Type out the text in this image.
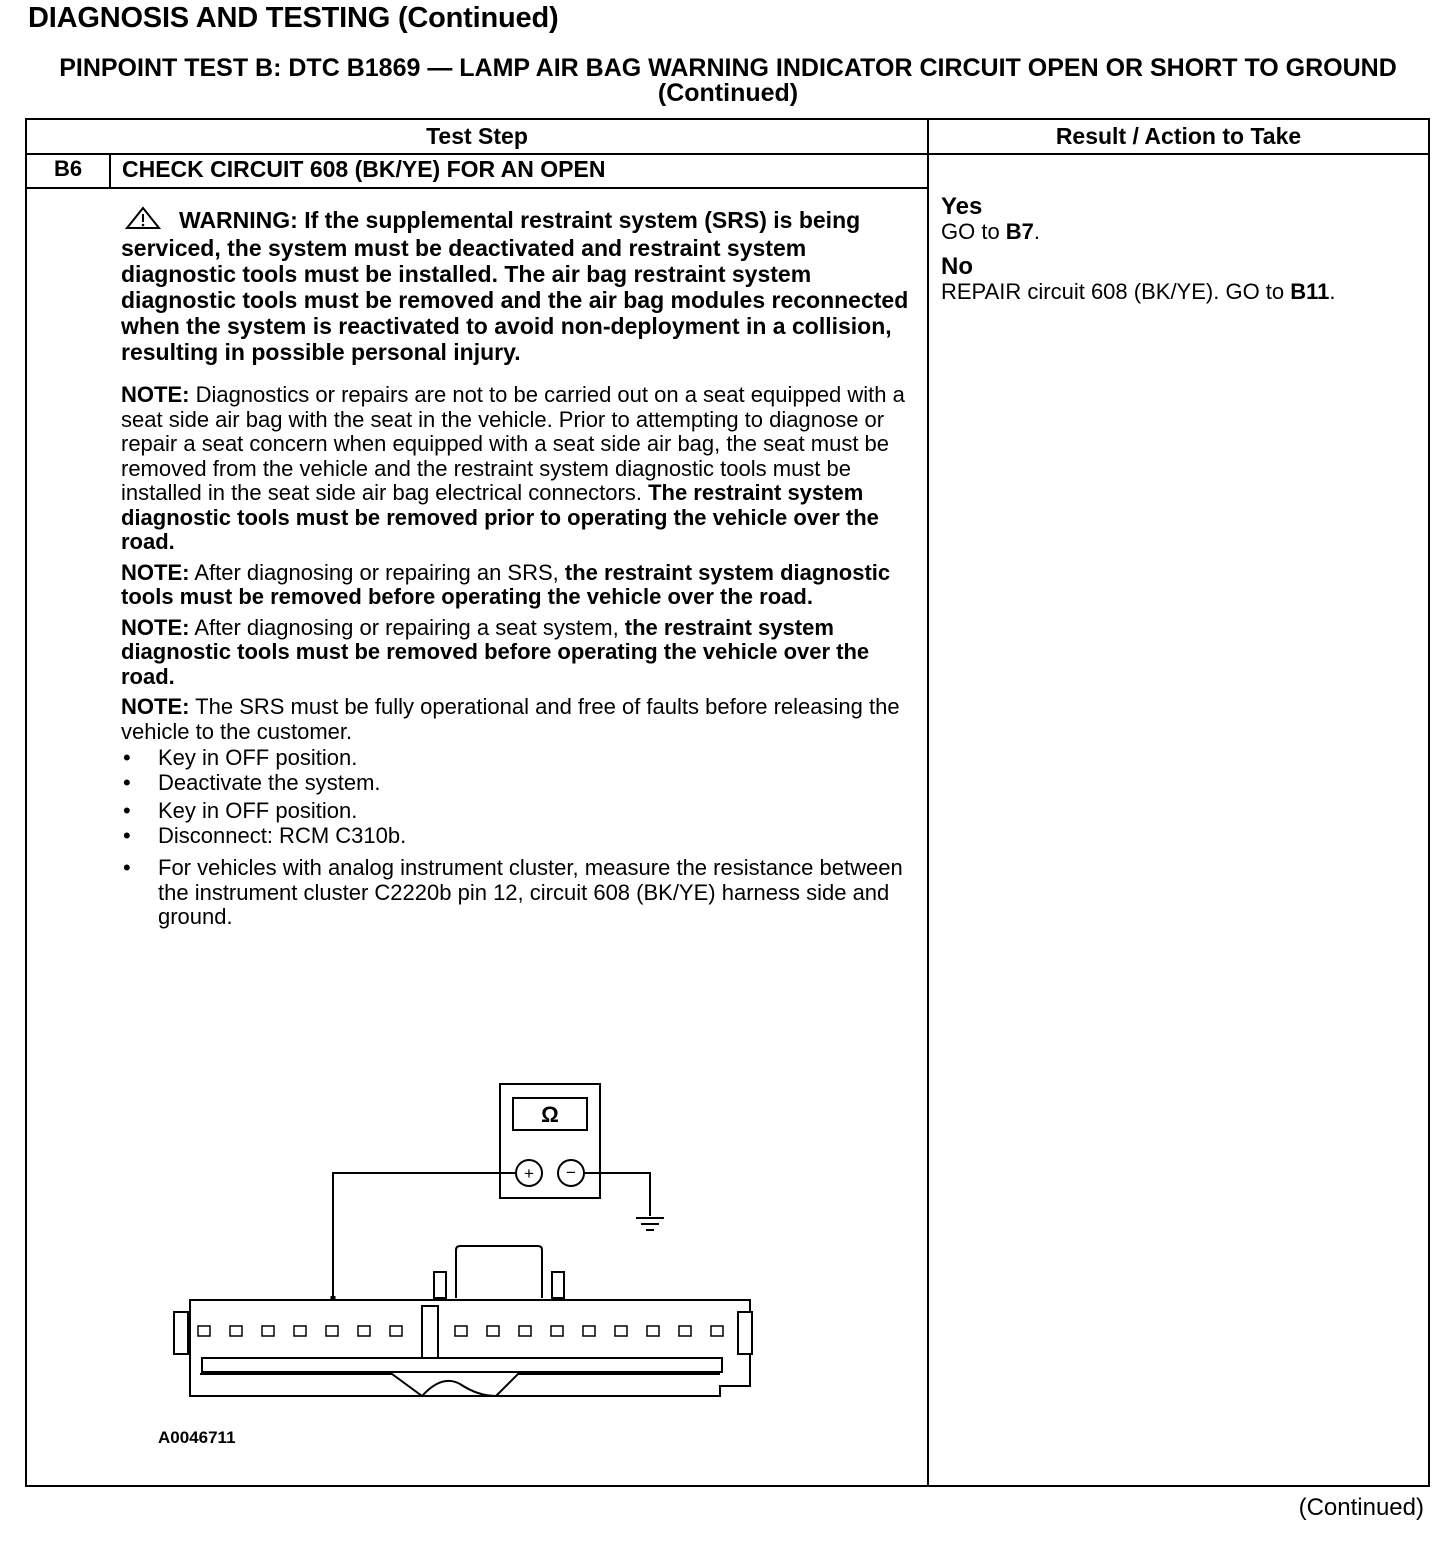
DIAGNOSIS AND TESTING (Continued)
PINPOINT TEST B: DTC B1869 — LAMP AIR BAG WARNING INDICATOR CIRCUIT OPEN OR SHORT TO GROUND (Continued)
Test Step	Result / Action to Take
B6	CHECK CIRCUIT 608 (BK/YE) FOR AN OPEN

WARNING: If the supplemental restraint system (SRS) is being serviced, the system must be deactivated and restraint system diagnostic tools must be installed. The air bag restraint system diagnostic tools must be removed and the air bag modules reconnected when the system is reactivated to avoid non-deployment in a collision, resulting in possible personal injury.

NOTE: Diagnostics or repairs are not to be carried out on a seat equipped with a seat side air bag with the seat in the vehicle. Prior to attempting to diagnose or repair a seat concern when equipped with a seat side air bag, the seat must be removed from the vehicle and the restraint system diagnostic tools must be installed in the seat side air bag electrical connectors. The restraint system diagnostic tools must be removed prior to operating the vehicle over the road.

NOTE: After diagnosing or repairing an SRS, the restraint system diagnostic tools must be removed before operating the vehicle over the road.

NOTE: After diagnosing or repairing a seat system, the restraint system diagnostic tools must be removed before operating the vehicle over the road.

NOTE: The SRS must be fully operational and free of faults before releasing the vehicle to the customer.

• Key in OFF position.
• Deactivate the system.
• Key in OFF position.
• Disconnect: RCM C310b.
• For vehicles with analog instrument cluster, measure the resistance between the instrument cluster C2220b pin 12, circuit 608 (BK/YE) harness side and ground.
Yes
GO to B7.
No
REPAIR circuit 608 (BK/YE). GO to B11.
Ω
+ −
A0046711
(Continued)
